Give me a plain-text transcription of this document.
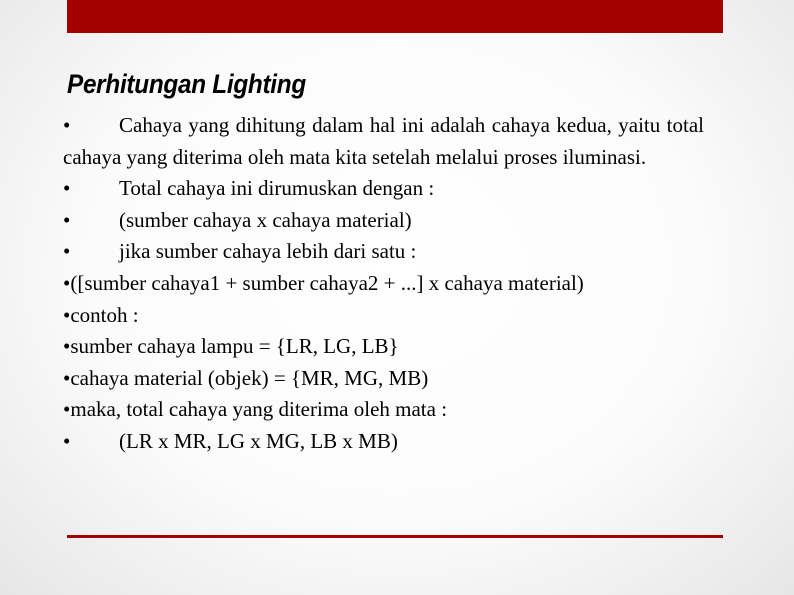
Perhitungan Lighting

• Cahaya yang dihitung dalam hal ini adalah cahaya kedua, yaitu total cahaya yang diterima oleh mata kita setelah melalui proses iluminasi.

• Total cahaya ini dirumuskan dengan :

• (sumber cahaya x cahaya material)

• jika sumber cahaya lebih dari satu :

•([sumber cahaya1 + sumber cahaya2 + ...] x cahaya material)

•contoh :

•sumber cahaya lampu = {LR, LG, LB}

•cahaya material (objek) = {MR, MG, MB)

•maka, total cahaya yang diterima oleh mata :

• (LR x MR, LG x MG, LB x MB)
